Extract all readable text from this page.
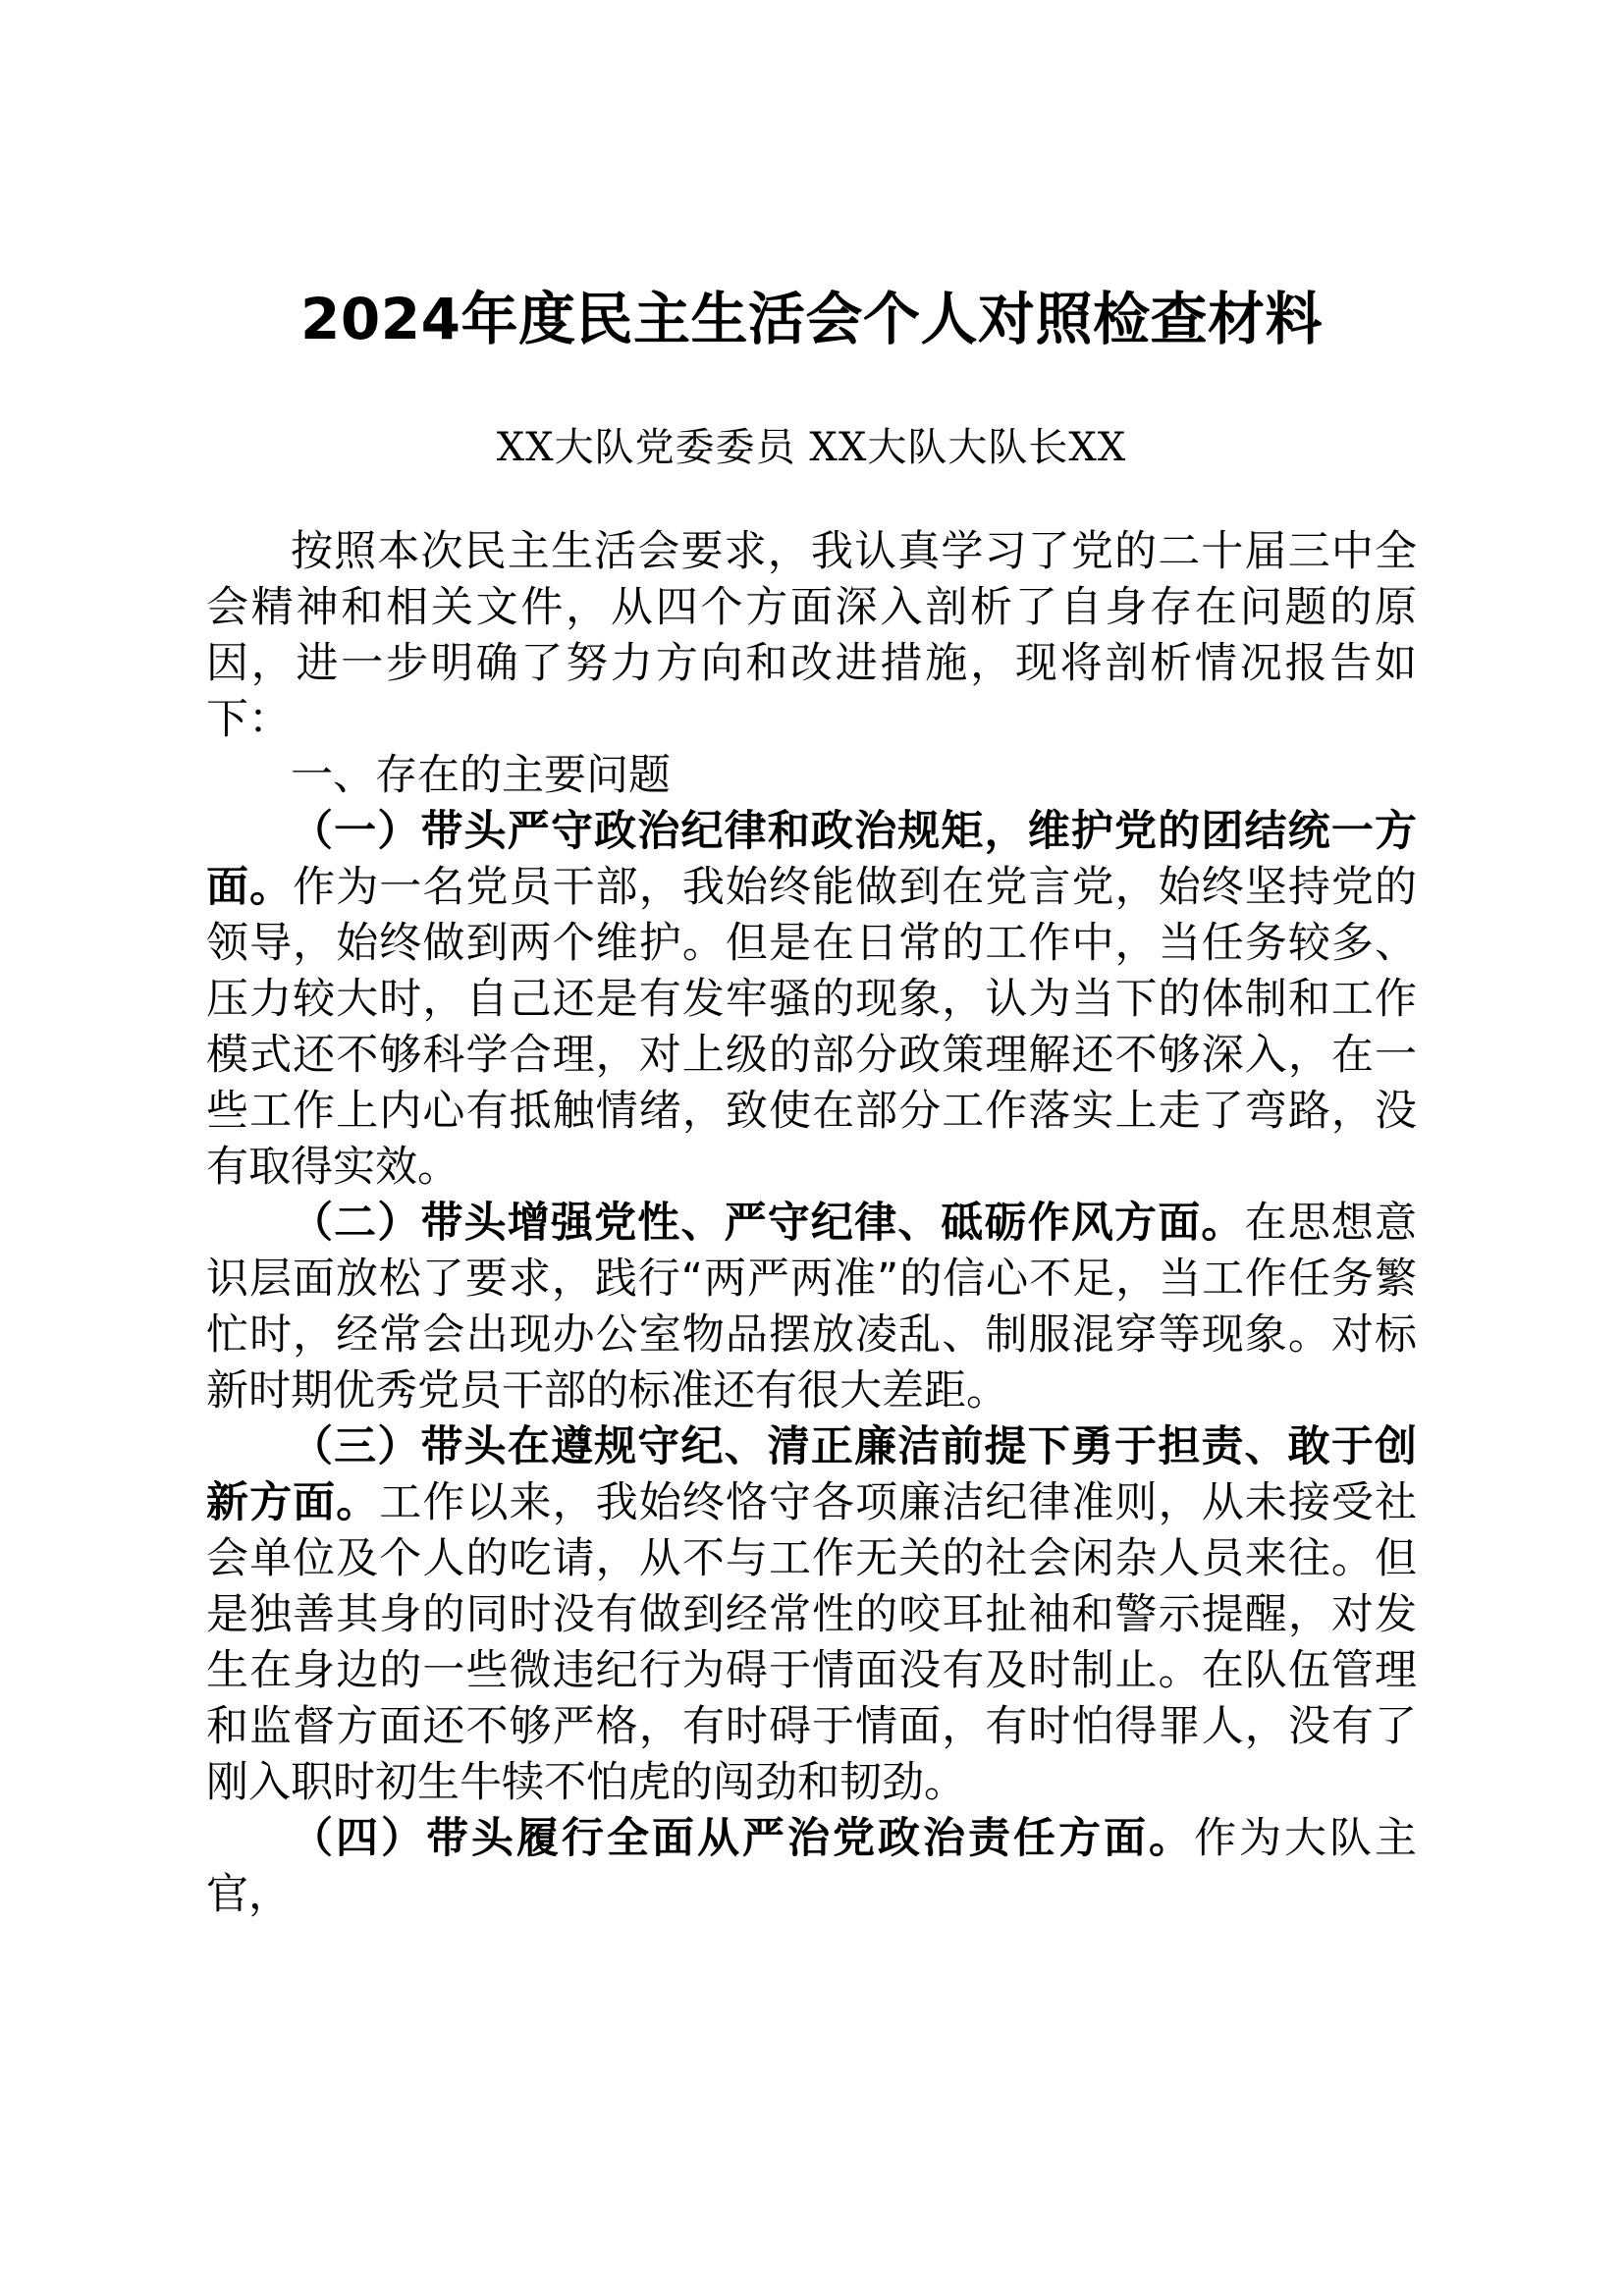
2024年度民主生活会个人对照检查材料
XX大队党委委员 XX大队大队长XX

按照本次民主生活会要求，我认真学习了党的二十届三中全会精神和相关文件，从四个方面深入剖析了自身存在问题的原因，进一步明确了努力方向和改进措施，现将剖析情况报告如下：

一、存在的主要问题

（一）带头严守政治纪律和政治规矩，维护党的团结统一方面。作为一名党员干部，我始终能做到在党言党，始终坚持党的领导，始终做到两个维护。但是在日常的工作中，当任务较多、压力较大时，自己还是有发牢骚的现象，认为当下的体制和工作模式还不够科学合理，对上级的部分政策理解还不够深入，在一些工作上内心有抵触情绪，致使在部分工作落实上走了弯路，没有取得实效。

（二）带头增强党性、严守纪律、砥砺作风方面。在思想意识层面放松了要求，践行“两严两准”的信心不足，当工作任务繁忙时，经常会出现办公室物品摆放凌乱、制服混穿等现象。对标新时期优秀党员干部的标准还有很大差距。

（三）带头在遵规守纪、清正廉洁前提下勇于担责、敢于创新方面。工作以来，我始终恪守各项廉洁纪律准则，从未接受社会单位及个人的吃请，从不与工作无关的社会闲杂人员来往。但是独善其身的同时没有做到经常性的咬耳扯袖和警示提醒，对发生在身边的一些微违纪行为碍于情面没有及时制止。在队伍管理和监督方面还不够严格，有时碍于情面，有时怕得罪人，没有了刚入职时初生牛犊不怕虎的闯劲和韧劲。

（四）带头履行全面从严治党政治责任方面。作为大队主官，
